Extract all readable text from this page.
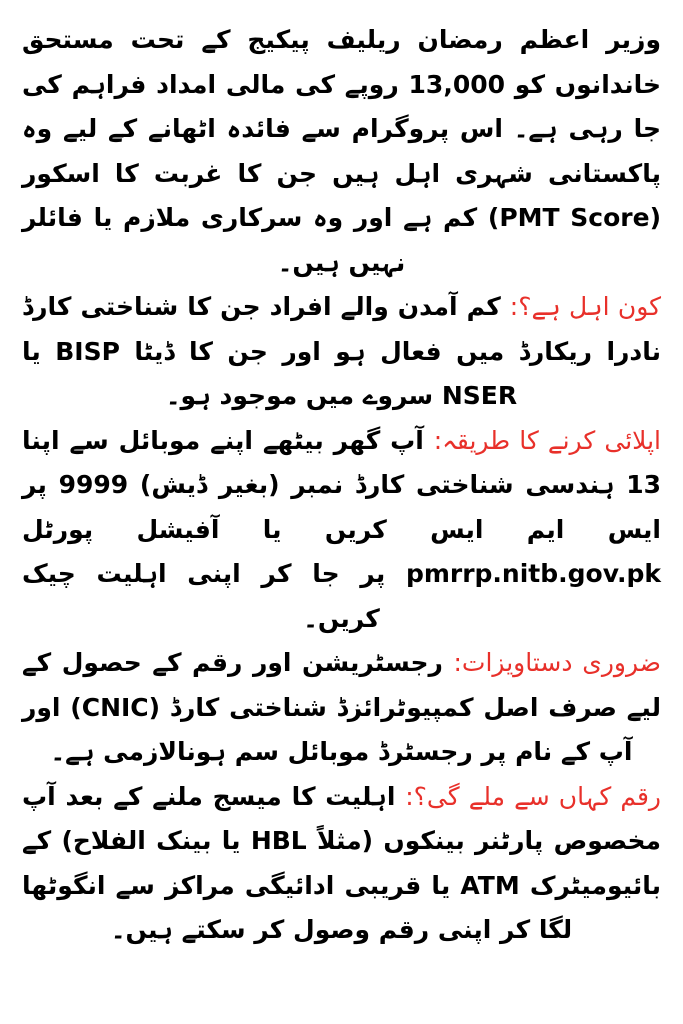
وزیر اعظم رمضان ریلیف پیکیج کے تحت مستحق خاندانوں کو 13,000 روپے کی مالی امداد فراہم کی جا رہی ہے۔ اس پروگرام سے فائدہ اٹھانے کے لیے وہ پاکستانی شہری اہل ہیں جن کا غربت کا اسکور (PMT Score) کم ہے اور وہ سرکاری ملازم یا فائلر نہیں ہیں۔

کون اہل ہے؟: کم آمدن والے افراد جن کا شناختی کارڈ نادرا ریکارڈ میں فعال ہو اور جن کا ڈیٹا BISP یا NSER سروے میں موجود ہو۔

اپلائی کرنے کا طریقہ: آپ گھر بیٹھے اپنے موبائل سے اپنا 13 ہندسی شناختی کارڈ نمبر (بغیر ڈیش) 9999 پر ایس ایم ایس کریں یا آفیشل پورٹل pmrrp.nitb.gov.pk پر جا کر اپنی اہلیت چیک کریں۔

ضروری دستاویزات: رجسٹریشن اور رقم کے حصول کے لیے صرف اصل کمپیوٹرائزڈ شناختی کارڈ (CNIC) اور آپ کے نام پر رجسٹرڈ موبائل سم ہونالازمی ہے۔

رقم کہاں سے ملے گی؟: اہلیت کا میسج ملنے کے بعد آپ مخصوص پارٹنر بینکوں (مثلاً HBL یا بینک الفلاح) کے بائیومیٹرک ATM یا قریبی ادائیگی مراکز سے انگوٹھا لگا کر اپنی رقم وصول کر سکتے ہیں۔
